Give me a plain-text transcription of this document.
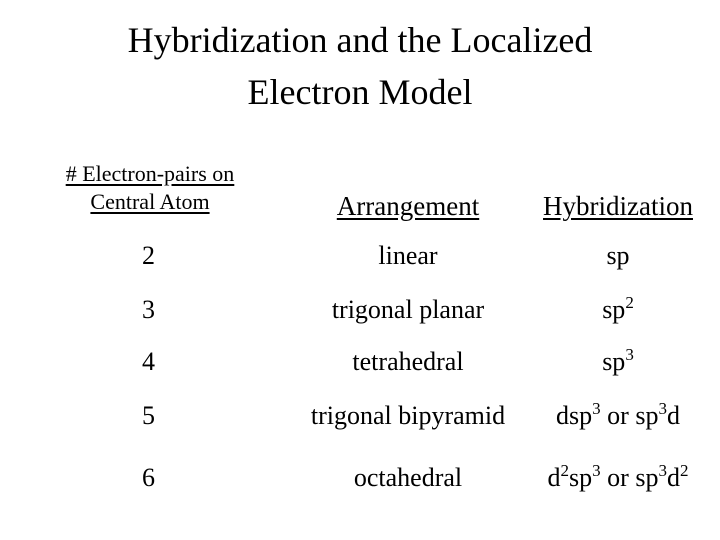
Hybridization and the Localized
Electron Model
# Electron-pairs on
Central Atom	Arrangement	Hybridization
2	linear	sp
3	trigonal planar	$sp^2$
4	tetrahedral	$sp^3$
5	trigonal bipyramid	dsp$^3$ or $sp^3d$
6	octahedral	$d^2sp^3$ or $sp^3d^2$
